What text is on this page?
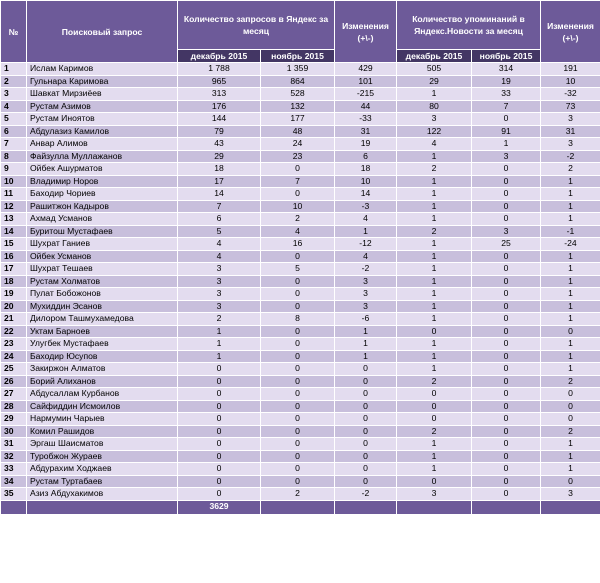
№	Поисковый запрос	Количество запросов в Яндекс за месяц		Изменения (+\-)	Количество упоминаний в Яндекс.Новости за месяц		Изменения (+\-)
		декабрь 2015	ноябрь 2015		декабрь 2015	ноябрь 2015	
1	Ислам Каримов	1 788	1 359	429	505	314	191
2	Гульнара Каримова	965	864	101	29	19	10
3	Шавкат Мирзиёев	313	528	-215	1	33	-32
4	Рустам Азимов	176	132	44	80	7	73
5	Рустам Иноятов	144	177	-33	3	0	3
6	Абдулазиз Камилов	79	48	31	122	91	31
7	Анвар Алимов	43	24	19	4	1	3
8	Файзулла Муллажанов	29	23	6	1	3	-2
9	Ойбек Ашурматов	18	0	18	2	0	2
10	Владимир Норов	17	7	10	1	0	1
11	Баходир Чориев	14	0	14	1	0	1
12	Рашитжон Кадыров	7	10	-3	1	0	1
13	Ахмад Усманов	6	2	4	1	0	1
14	Буритош Мустафаев	5	4	1	2	3	-1
15	Шухрат Ганиев	4	16	-12	1	25	-24
16	Ойбек Усманов	4	0	4	1	0	1
17	Шухрат Тешаев	3	5	-2	1	0	1
18	Рустам Холматов	3	0	3	1	0	1
19	Пулат Бобожонов	3	0	3	1	0	1
20	Мухиддин Эсанов	3	0	3	1	0	1
21	Дилором Ташмухамедова	2	8	-6	1	0	1
22	Уктам Барноев	1	0	1	0	0	0
23	Улугбек Мустафаев	1	0	1	1	0	1
24	Баходир Юсупов	1	0	1	1	0	1
25	Закиржон Алматов	0	0	0	1	0	1
26	Борий Алиханов	0	0	0	2	0	2
27	Абдусаллам Курбанов	0	0	0	0	0	0
28	Сайфиддин Исмоилов	0	0	0	0	0	0
29	Нармумин Чарыев	0	0	0	0	0	0
30	Комил Рашидов	0	0	0	2	0	2
31	Эргаш Шаисматов	0	0	0	1	0	1
32	Туробжон Жураев	0	0	0	1	0	1
33	Абдурахим Ходжаев	0	0	0	1	0	1
34	Рустам Туртабаев	0	0	0	0	0	0
35	Азиз Абдухакимов	0	2	-2	3	0	3
		3629					
